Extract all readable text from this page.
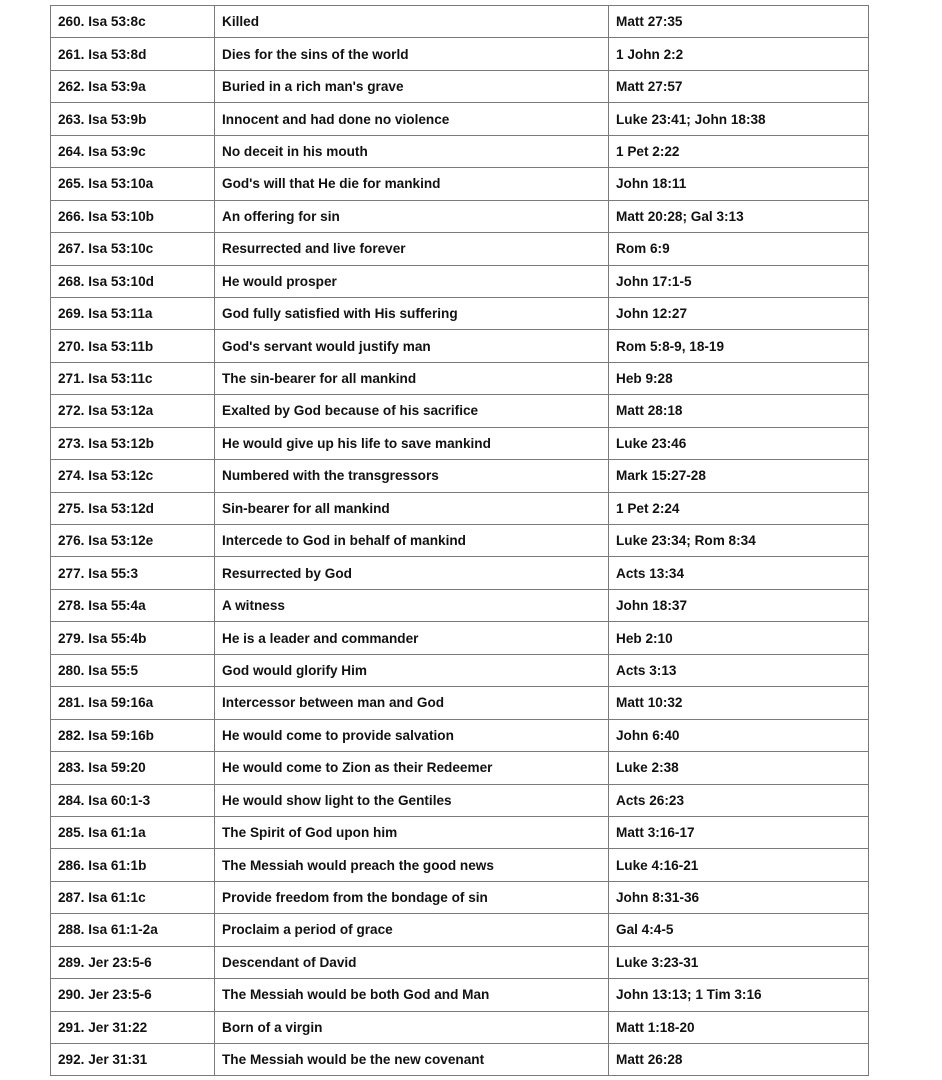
260. Isa 53:8c	Killed	Matt 27:35
261. Isa 53:8d	Dies for the sins of the world	1 John 2:2
262. Isa 53:9a	Buried in a rich man's grave	Matt 27:57
263. Isa 53:9b	Innocent and had done no violence	Luke 23:41; John 18:38
264. Isa 53:9c	No deceit in his mouth	1 Pet 2:22
265. Isa 53:10a	God's will that He die for mankind	John 18:11
266. Isa 53:10b	An offering for sin	Matt 20:28; Gal 3:13
267. Isa 53:10c	Resurrected and live forever	Rom 6:9
268. Isa 53:10d	He would prosper	John 17:1-5
269. Isa 53:11a	God fully satisfied with His suffering	John 12:27
270. Isa 53:11b	God's servant would justify man	Rom 5:8-9, 18-19
271. Isa 53:11c	The sin-bearer for all mankind	Heb 9:28
272. Isa 53:12a	Exalted by God because of his sacrifice	Matt 28:18
273. Isa 53:12b	He would give up his life to save mankind	Luke 23:46
274. Isa 53:12c	Numbered with the transgressors	Mark 15:27-28
275. Isa 53:12d	Sin-bearer for all mankind	1 Pet 2:24
276. Isa 53:12e	Intercede to God in behalf of mankind	Luke 23:34; Rom 8:34
277. Isa 55:3	Resurrected by God	Acts 13:34
278. Isa 55:4a	A witness	John 18:37
279. Isa 55:4b	He is a leader and commander	Heb 2:10
280. Isa 55:5	God would glorify Him	Acts 3:13
281. Isa 59:16a	Intercessor between man and God	Matt 10:32
282. Isa 59:16b	He would come to provide salvation	John 6:40
283. Isa 59:20	He would come to Zion as their Redeemer	Luke 2:38
284. Isa 60:1-3	He would show light to the Gentiles	Acts 26:23
285. Isa 61:1a	The Spirit of God upon him	Matt 3:16-17
286. Isa 61:1b	The Messiah would preach the good news	Luke 4:16-21
287. Isa 61:1c	Provide freedom from the bondage of sin	John 8:31-36
288. Isa 61:1-2a	Proclaim a period of grace	Gal 4:4-5
289. Jer 23:5-6	Descendant of David	Luke 3:23-31
290. Jer 23:5-6	The Messiah would be both God and Man	John 13:13; 1 Tim 3:16
291. Jer 31:22	Born of a virgin	Matt 1:18-20
292. Jer 31:31	The Messiah would be the new covenant	Matt 26:28
